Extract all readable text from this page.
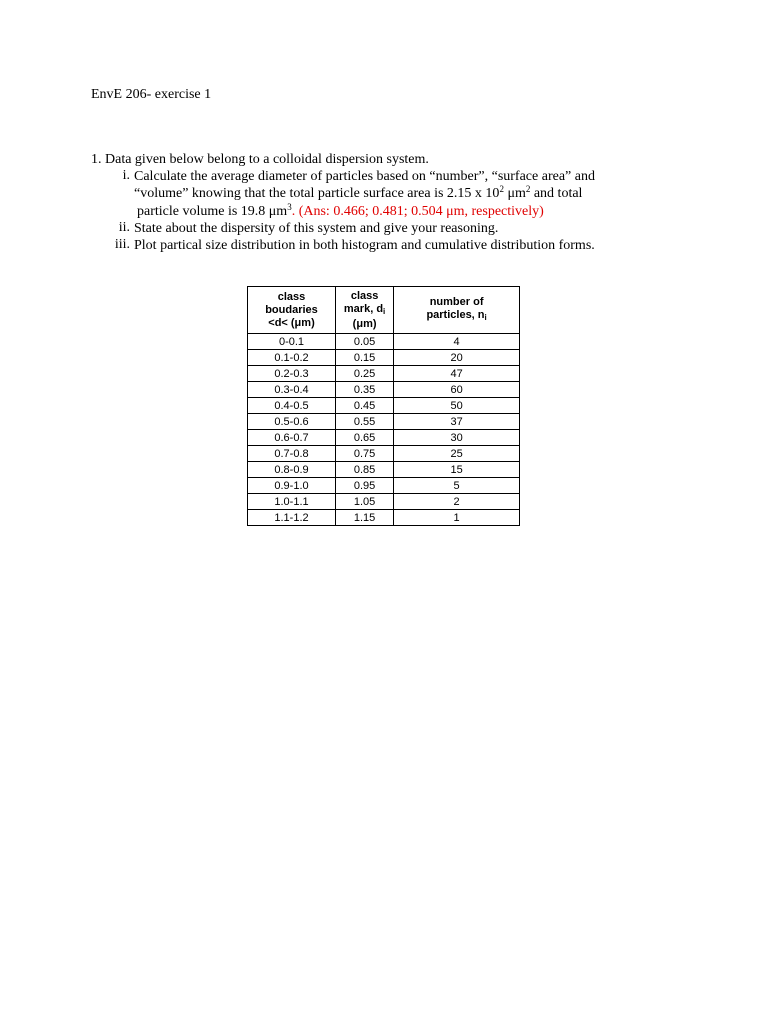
EnvE 206- exercise 1
1. Data given below belong to a colloidal dispersion system.
i. Calculate the average diameter of particles based on “number”, “surface area” and
“volume” knowing that the total particle surface area is 2.15 x $10^2$ $\mu m^2$ and total
particle volume is 19.8 $\mu m^3$. (Ans: 0.466; 0.481; 0.504 μm, respectively)
ii. State about the dispersity of this system and give your reasoning.
iii. Plot partical size distribution in both histogram and cumulative distribution forms.
class
boudaries
<d< (μm)	class
mark, di
(μm)	number of
particles, ni
0-0.1	0.05	4
0.1-0.2	0.15	20
0.2-0.3	0.25	47
0.3-0.4	0.35	60
0.4-0.5	0.45	50
0.5-0.6	0.55	37
0.6-0.7	0.65	30
0.7-0.8	0.75	25
0.8-0.9	0.85	15
0.9-1.0	0.95	5
1.0-1.1	1.05	2
1.1-1.2	1.15	1
